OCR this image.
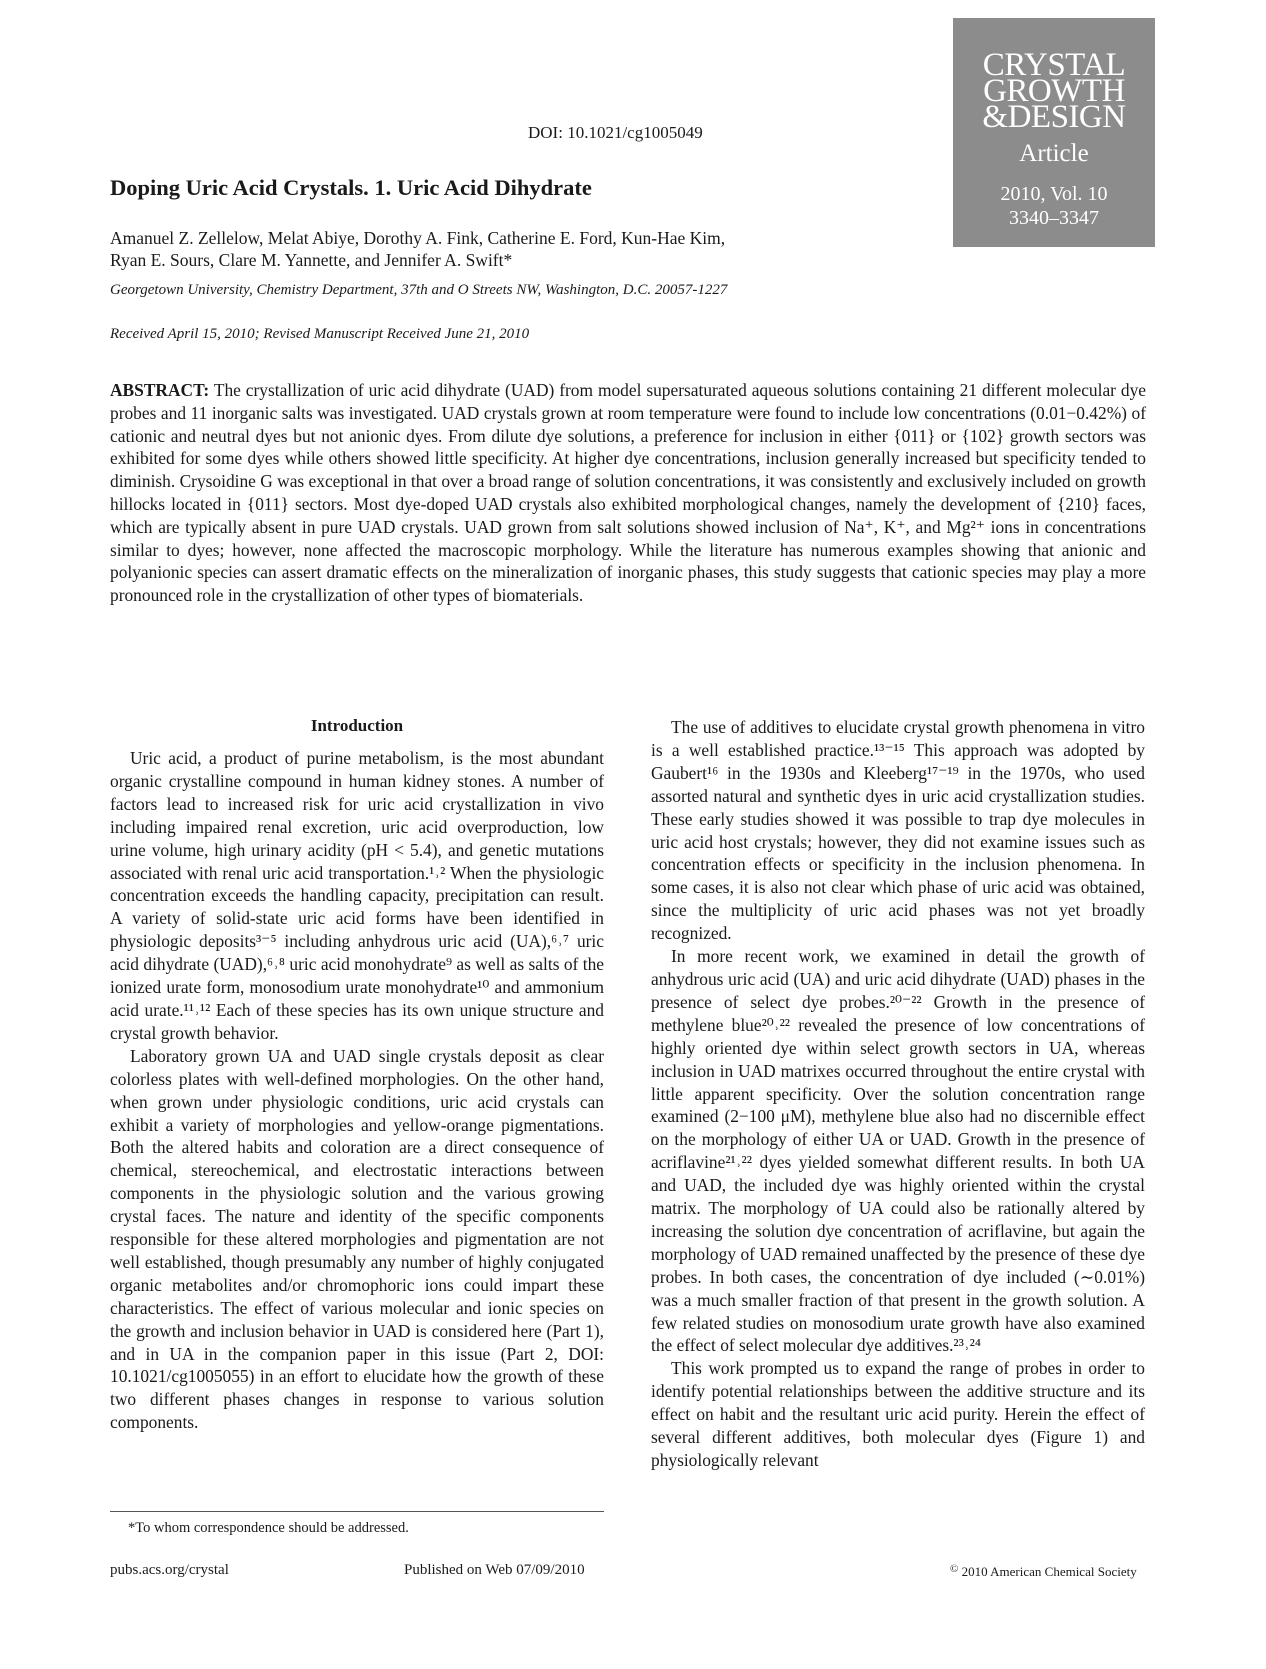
DOI: 10.1021/cg1005049
Doping Uric Acid Crystals. 1. Uric Acid Dihydrate
Amanuel Z. Zellelow, Melat Abiye, Dorothy A. Fink, Catherine E. Ford, Kun-Hae Kim,
Ryan E. Sours, Clare M. Yannette, and Jennifer A. Swift*
Georgetown University, Chemistry Department, 37th and O Streets NW, Washington, D.C. 20057-1227
Received April 15, 2010; Revised Manuscript Received June 21, 2010
CRYSTAL
GROWTH
&DESIGN
Article
2010, Vol. 10
3340–3347
ABSTRACT: The crystallization of uric acid dihydrate (UAD) from model supersaturated aqueous solutions containing 21 different molecular dye probes and 11 inorganic salts was investigated. UAD crystals grown at room temperature were found to include low concentrations (0.01−0.42%) of cationic and neutral dyes but not anionic dyes. From dilute dye solutions, a preference for inclusion in either {011} or {102} growth sectors was exhibited for some dyes while others showed little specificity. At higher dye concentrations, inclusion generally increased but specificity tended to diminish. Crysoidine G was exceptional in that over a broad range of solution concentrations, it was consistently and exclusively included on growth hillocks located in {011} sectors. Most dye-doped UAD crystals also exhibited morphological changes, namely the development of {210} faces, which are typically absent in pure UAD crystals. UAD grown from salt solutions showed inclusion of Na⁺, K⁺, and Mg²⁺ ions in concentrations similar to dyes; however, none affected the macroscopic morphology. While the literature has numerous examples showing that anionic and polyanionic species can assert dramatic effects on the mineralization of inorganic phases, this study suggests that cationic species may play a more pronounced role in the crystallization of other types of biomaterials.
Introduction

Uric acid, a product of purine metabolism, is the most abundant organic crystalline compound in human kidney stones. A number of factors lead to increased risk for uric acid crystallization in vivo including impaired renal excretion, uric acid overproduction, low urine volume, high urinary acidity (pH < 5.4), and genetic mutations associated with renal uric acid transportation.¹˒² When the physiologic concentration exceeds the handling capacity, precipitation can result. A variety of solid-state uric acid forms have been identified in physiologic deposits³⁻⁵ including anhydrous uric acid (UA),⁶˒⁷ uric acid dihydrate (UAD),⁶˒⁸ uric acid monohydrate⁹ as well as salts of the ionized urate form, monosodium urate monohydrate¹⁰ and ammonium acid urate.¹¹˒¹² Each of these species has its own unique structure and crystal growth behavior.

Laboratory grown UA and UAD single crystals deposit as clear colorless plates with well-defined morphologies. On the other hand, when grown under physiologic conditions, uric acid crystals can exhibit a variety of morphologies and yellow-orange pigmentations. Both the altered habits and coloration are a direct consequence of chemical, stereochemical, and electrostatic interactions between components in the physiologic solution and the various growing crystal faces. The nature and identity of the specific components responsible for these altered morphologies and pigmentation are not well established, though presumably any number of highly conjugated organic metabolites and/or chromophoric ions could impart these characteristics. The effect of various molecular and ionic species on the growth and inclusion behavior in UAD is considered here (Part 1), and in UA in the companion paper in this issue (Part 2, DOI: 10.1021/cg1005055) in an effort to elucidate how the growth of these two different phases changes in response to various solution components.

The use of additives to elucidate crystal growth phenomena in vitro is a well established practice.¹³⁻¹⁵ This approach was adopted by Gaubert¹⁶ in the 1930s and Kleeberg¹⁷⁻¹⁹ in the 1970s, who used assorted natural and synthetic dyes in uric acid crystallization studies. These early studies showed it was possible to trap dye molecules in uric acid host crystals; however, they did not examine issues such as concentration effects or specificity in the inclusion phenomena. In some cases, it is also not clear which phase of uric acid was obtained, since the multiplicity of uric acid phases was not yet broadly recognized.

In more recent work, we examined in detail the growth of anhydrous uric acid (UA) and uric acid dihydrate (UAD) phases in the presence of select dye probes.²⁰⁻²² Growth in the presence of methylene blue²⁰˒²² revealed the presence of low concentrations of highly oriented dye within select growth sectors in UA, whereas inclusion in UAD matrixes occurred throughout the entire crystal with little apparent specificity. Over the solution concentration range examined (2−100 μM), methylene blue also had no discernible effect on the morphology of either UA or UAD. Growth in the presence of acriflavine²¹˒²² dyes yielded somewhat different results. In both UA and UAD, the included dye was highly oriented within the crystal matrix. The morphology of UA could also be rationally altered by increasing the solution dye concentration of acriflavine, but again the morphology of UAD remained unaffected by the presence of these dye probes. In both cases, the concentration of dye included (∼0.01%) was a much smaller fraction of that present in the growth solution. A few related studies on monosodium urate growth have also examined the effect of select molecular dye additives.²³˒²⁴

This work prompted us to expand the range of probes in order to identify potential relationships between the additive structure and its effect on habit and the resultant uric acid purity. Herein the effect of several different additives, both molecular dyes (Figure 1) and physiologically relevant

*To whom correspondence should be addressed.
pubs.acs.org/crystal	Published on Web 07/09/2010	© 2010 American Chemical Society
